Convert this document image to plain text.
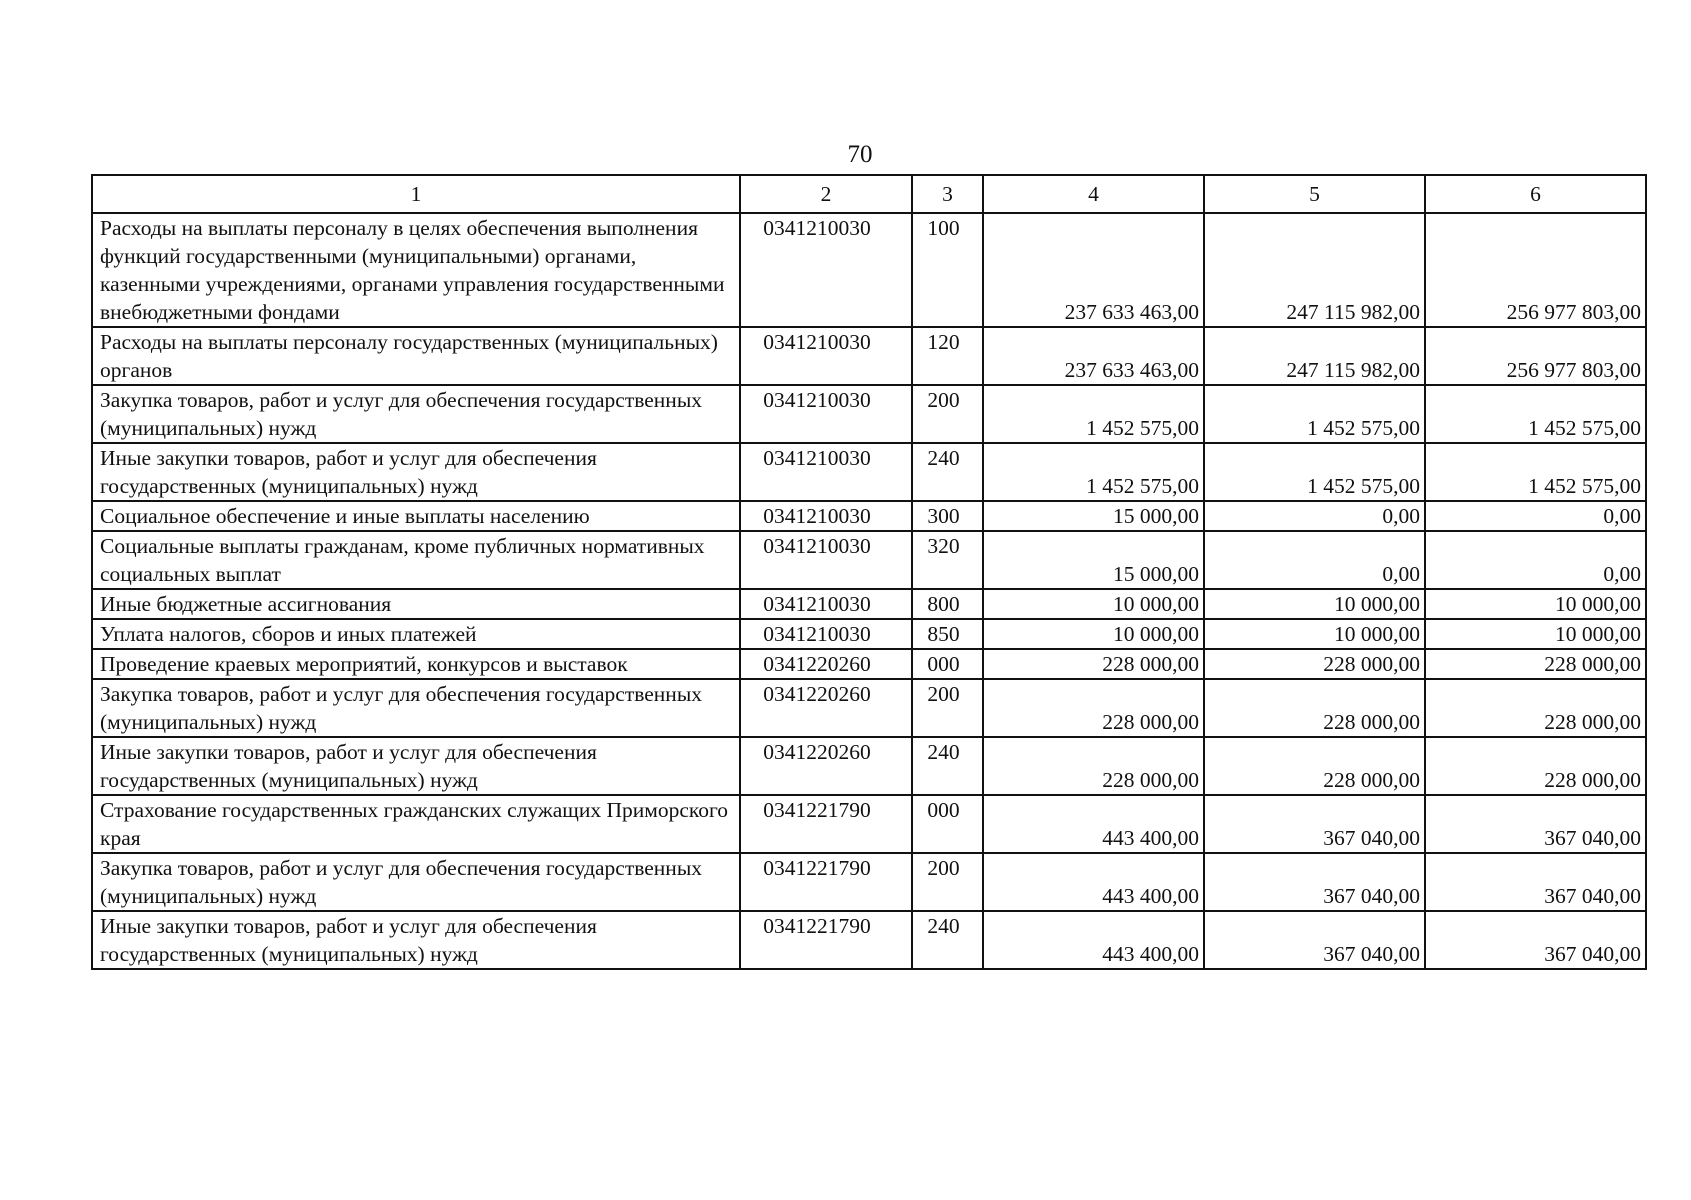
70
1	2	3	4	5	6
Расходы на выплаты персоналу в целях обеспечения выполнения функций государственными (муниципальными) органами, казенными учреждениями, органами управления государственными внебюджетными фондами	0341210030	100	237 633 463,00	247 115 982,00	256 977 803,00
Расходы на выплаты персоналу государственных (муниципальных) органов	0341210030	120	237 633 463,00	247 115 982,00	256 977 803,00
Закупка товаров, работ и услуг для обеспечения государственных (муниципальных) нужд	0341210030	200	1 452 575,00	1 452 575,00	1 452 575,00
Иные закупки товаров, работ и услуг для обеспечения государственных (муниципальных) нужд	0341210030	240	1 452 575,00	1 452 575,00	1 452 575,00
Социальное обеспечение и иные выплаты населению	0341210030	300	15 000,00	0,00	0,00
Социальные выплаты гражданам, кроме публичных нормативных социальных выплат	0341210030	320	15 000,00	0,00	0,00
Иные бюджетные ассигнования	0341210030	800	10 000,00	10 000,00	10 000,00
Уплата налогов, сборов и иных платежей	0341210030	850	10 000,00	10 000,00	10 000,00
Проведение краевых мероприятий, конкурсов и выставок	0341220260	000	228 000,00	228 000,00	228 000,00
Закупка товаров, работ и услуг для обеспечения государственных (муниципальных) нужд	0341220260	200	228 000,00	228 000,00	228 000,00
Иные закупки товаров, работ и услуг для обеспечения государственных (муниципальных) нужд	0341220260	240	228 000,00	228 000,00	228 000,00
Страхование государственных гражданских служащих Приморского края	0341221790	000	443 400,00	367 040,00	367 040,00
Закупка товаров, работ и услуг для обеспечения государственных (муниципальных) нужд	0341221790	200	443 400,00	367 040,00	367 040,00
Иные закупки товаров, работ и услуг для обеспечения государственных (муниципальных) нужд	0341221790	240	443 400,00	367 040,00	367 040,00
